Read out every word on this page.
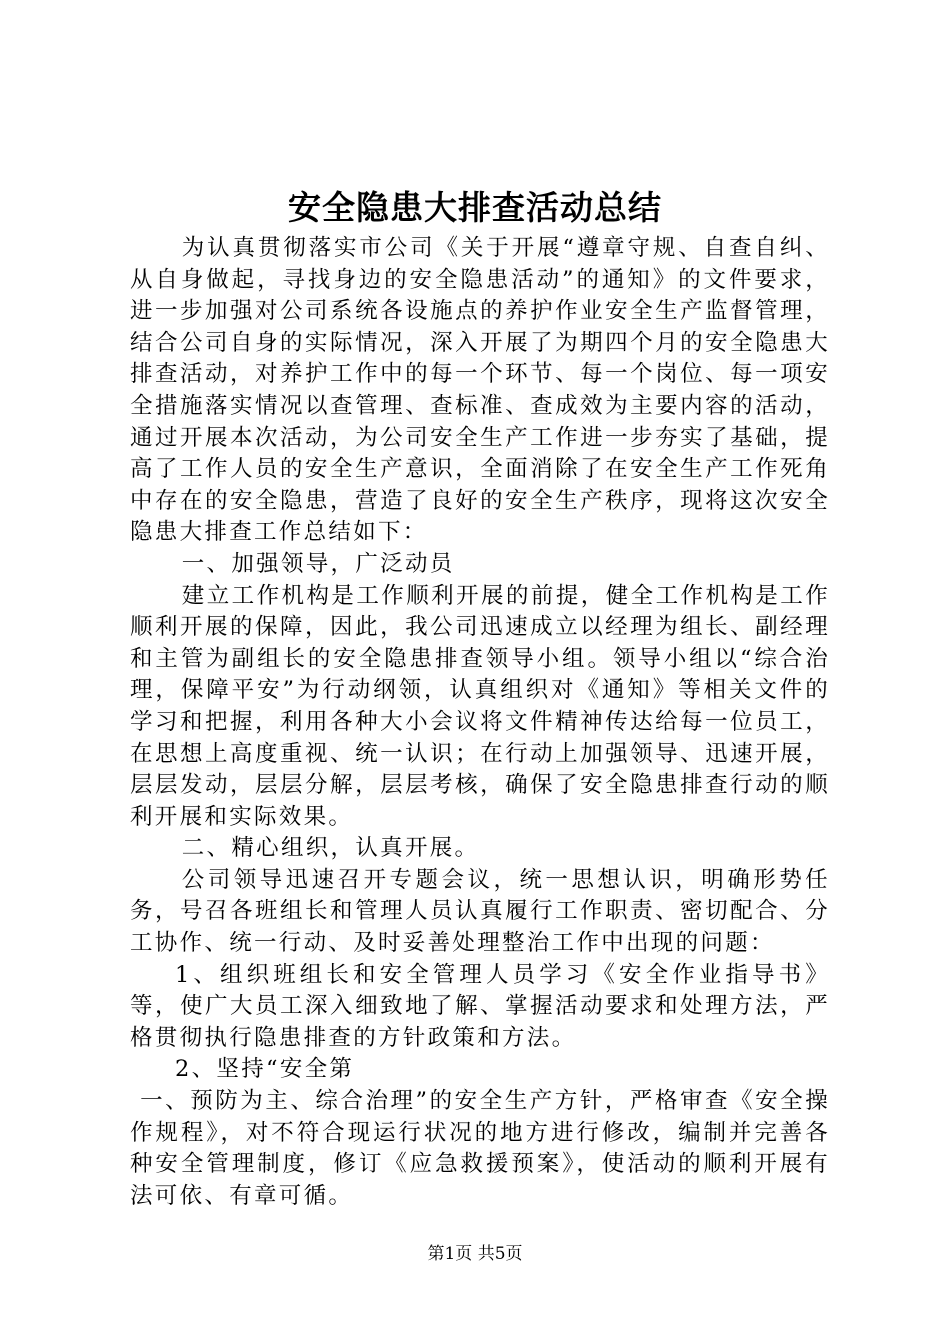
安全隐患大排查活动总结

为认真贯彻落实市公司《关于开展“遵章守规、自查自纠、从自身做起，寻找身边的安全隐患活动”的通知》的文件要求，进一步加强对公司系统各设施点的养护作业安全生产监督管理，结合公司自身的实际情况，深入开展了为期四个月的安全隐患大排查活动，对养护工作中的每一个环节、每一个岗位、每一项安全措施落实情况以查管理、查标准、查成效为主要内容的活动，通过开展本次活动，为公司安全生产工作进一步夯实了基础，提高了工作人员的安全生产意识，全面消除了在安全生产工作死角中存在的安全隐患，营造了良好的安全生产秩序，现将这次安全隐患大排查工作总结如下：

一、加强领导，广泛动员

建立工作机构是工作顺利开展的前提，健全工作机构是工作顺利开展的保障，因此，我公司迅速成立以经理为组长、副经理和主管为副组长的安全隐患排查领导小组。领导小组以“综合治理，保障平安”为行动纲领，认真组织对《通知》等相关文件的学习和把握，利用各种大小会议将文件精神传达给每一位员工，在思想上高度重视、统一认识；在行动上加强领导、迅速开展，层层发动，层层分解，层层考核，确保了安全隐患排查行动的顺利开展和实际效果。

二、精心组织，认真开展。

公司领导迅速召开专题会议，统一思想认识，明确形势任务，号召各班组长和管理人员认真履行工作职责、密切配合、分工协作、统一行动、及时妥善处理整治工作中出现的问题：

1、组织班组长和安全管理人员学习《安全作业指导书》等，使广大员工深入细致地了解、掌握活动要求和处理方法，严格贯彻执行隐患排查的方针政策和方法。

2、坚持“安全第

一、预防为主、综合治理”的安全生产方针，严格审查《安全操作规程》，对不符合现运行状况的地方进行修改，编制并完善各种安全管理制度，修订《应急救援预案》，使活动的顺利开展有法可依、有章可循。

第1页 共5页
